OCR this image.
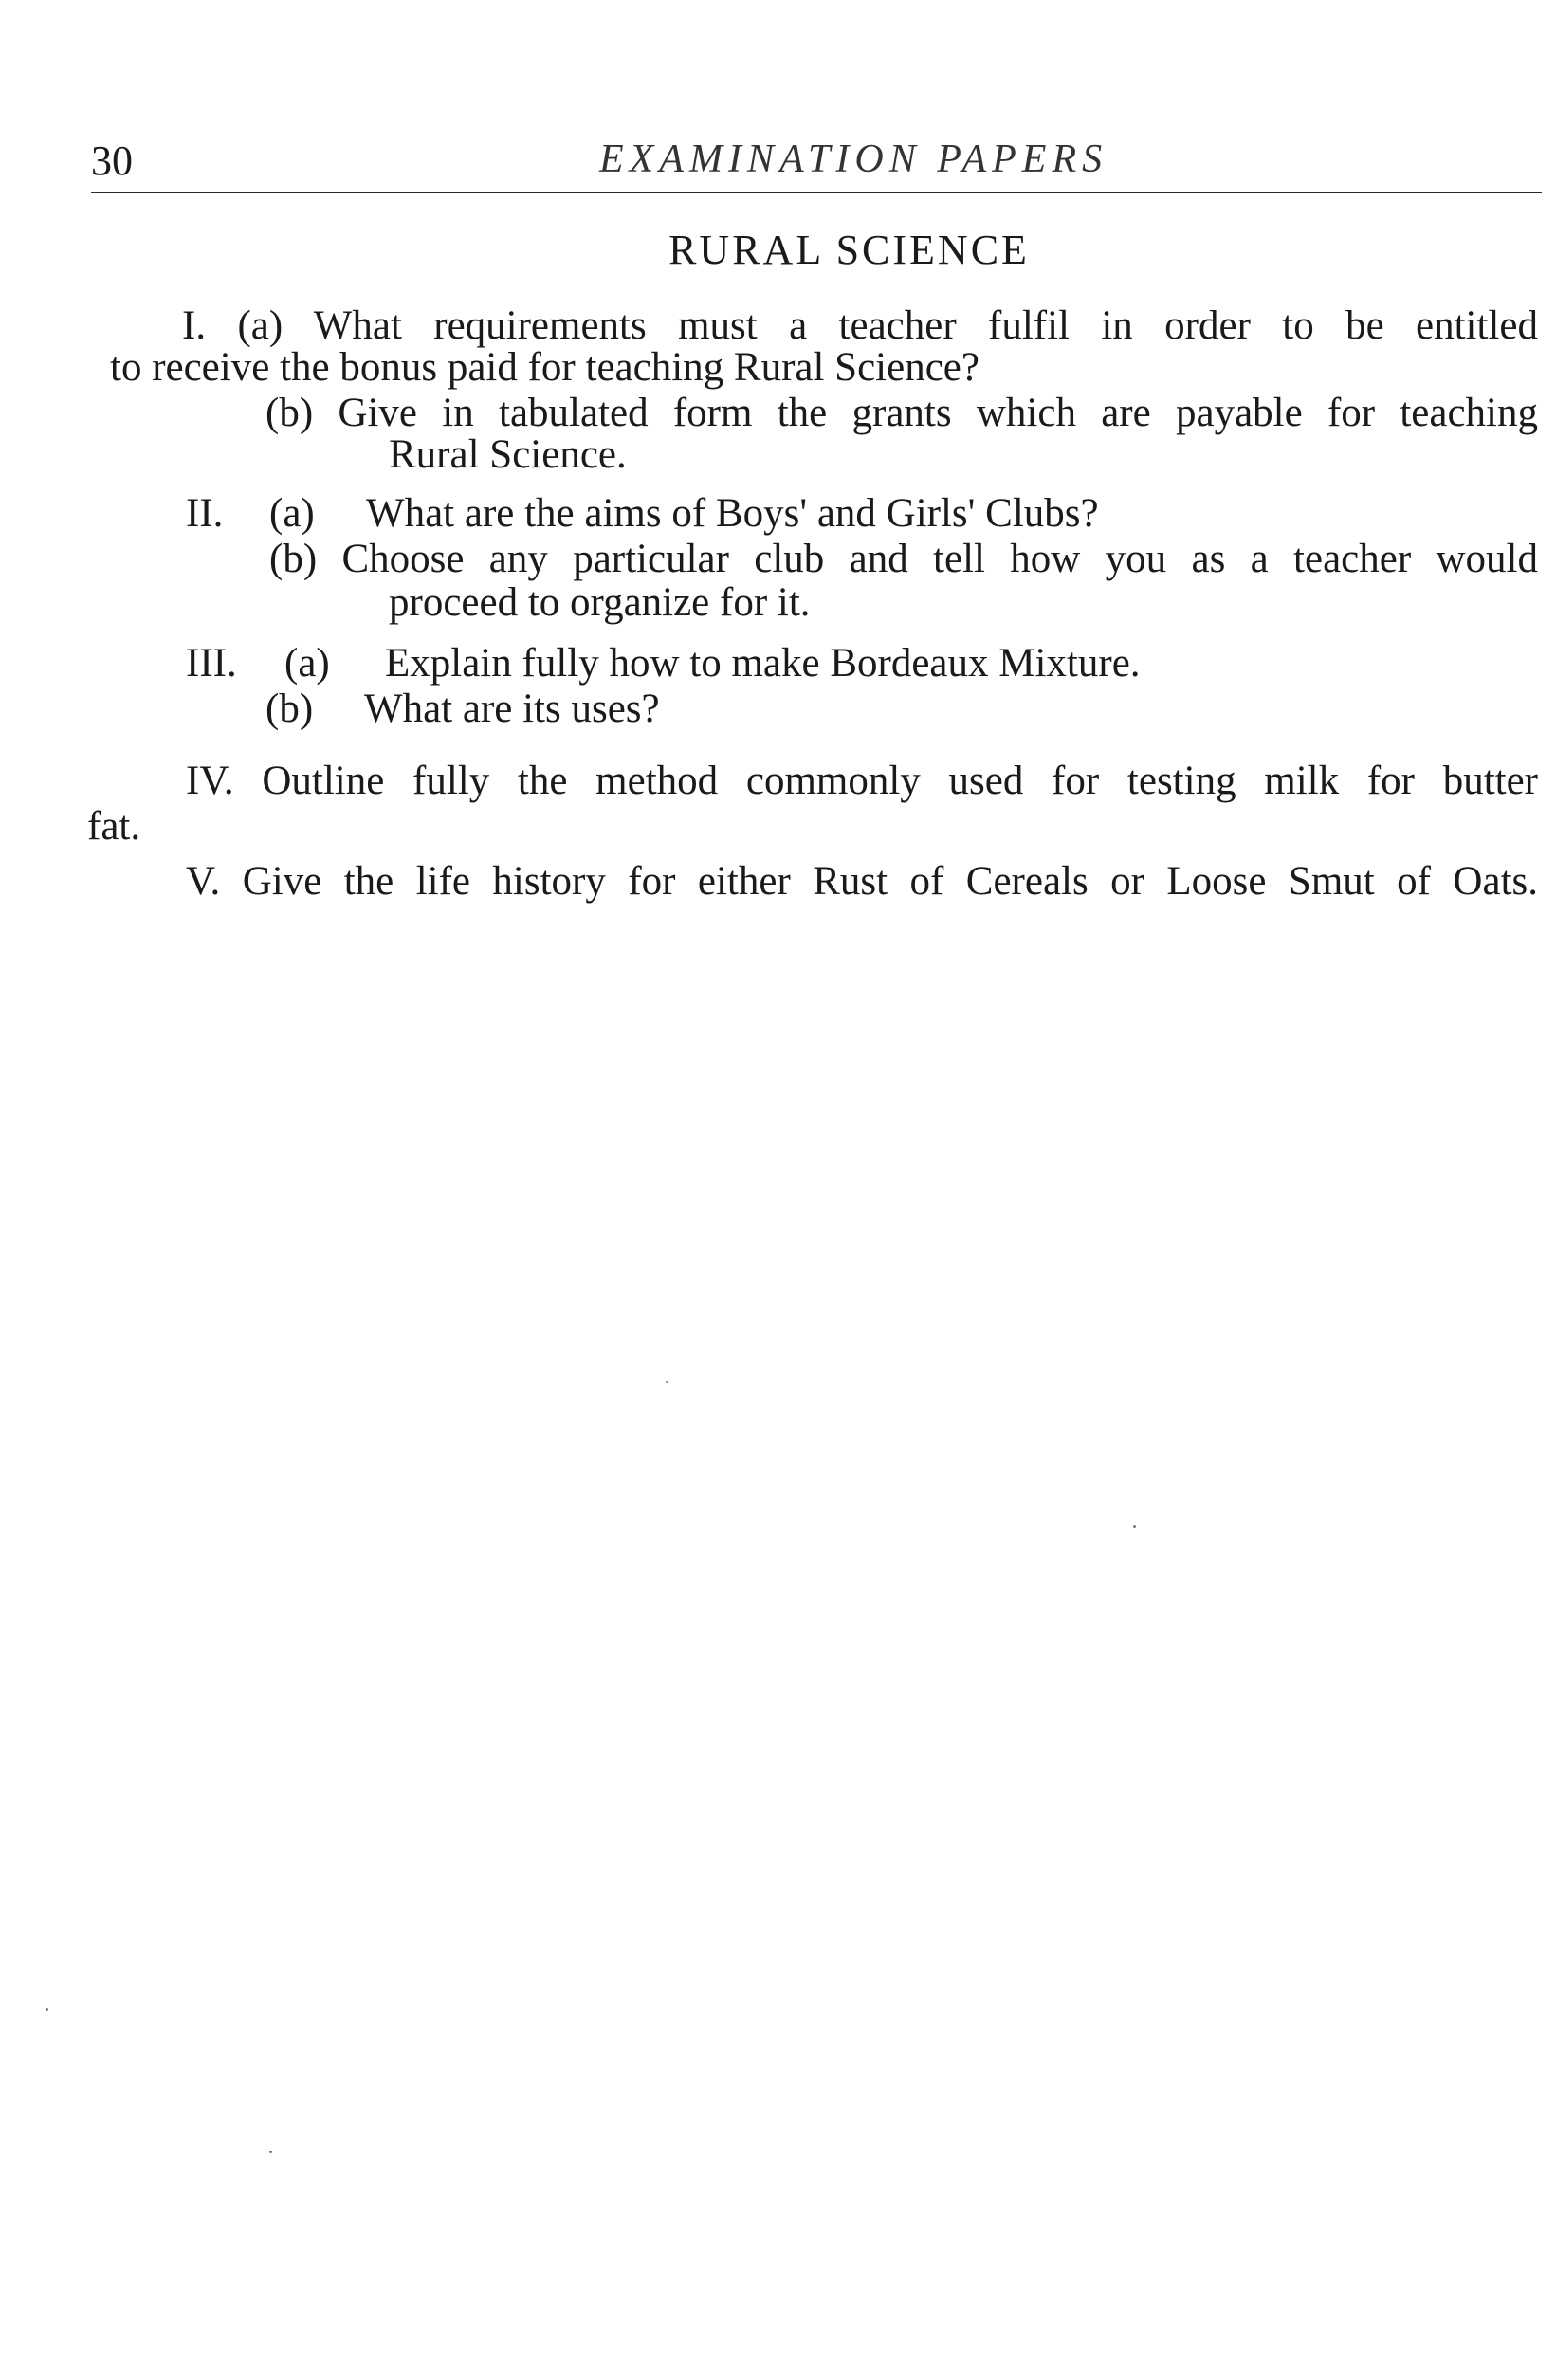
30	EXAMINATION PAPERS
RURAL SCIENCE
I. (a) What requirements must a teacher fulfil in order to be entitled
to receive the bonus paid for teaching Rural Science?
(b) Give in tabulated form the grants which are payable for teaching
Rural Science.
II. (a) What are the aims of Boys' and Girls' Clubs?
(b) Choose any particular club and tell how you as a teacher would
proceed to organize for it.
III. (a) Explain fully how to make Bordeaux Mixture.
(b) What are its uses?
IV. Outline fully the method commonly used for testing milk for butter
fat.
V. Give the life history for either Rust of Cereals or Loose Smut of Oats.
